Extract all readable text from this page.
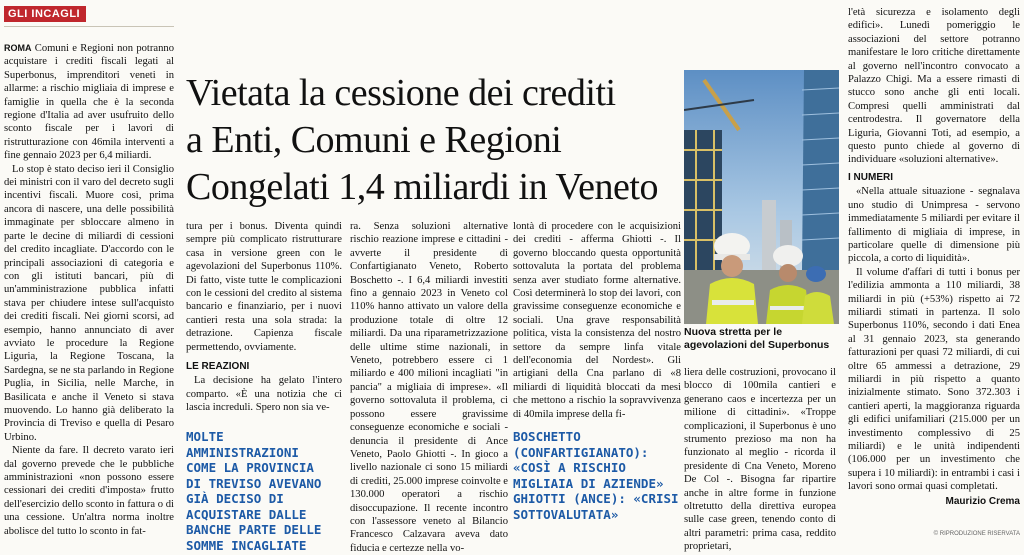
GLI INCAGLI

ROMA Comuni e Regioni non potranno acquistare i crediti fiscali legati al Superbonus, imprenditori veneti in allarme: a rischio migliaia di imprese e famiglie in quella che è la seconda regione d'Italia ad aver usufruito dello sconto fiscale per i lavori di ristrutturazione con 46mila interventi a fine gennaio 2023 per 6,4 miliardi.

Lo stop è stato deciso ieri il Consiglio dei ministri con il varo del decreto sugli incentivi fiscali. Muore così, prima ancora di nascere, una delle possibilità immaginate per sbloccare almeno in parte le decine di miliardi di cessioni del credito incagliate. D'accordo con le principali associazioni di categoria e con gli istituti bancari, più di un'amministrazione pubblica infatti stava per chiudere intese sull'acquisto dei crediti fiscali. Nei giorni scorsi, ad esempio, hanno annunciato di aver avviato le procedure la Regione Liguria, la Regione Toscana, la Sardegna, se ne sta parlando in Regione Puglia, in Sicilia, nelle Marche, in Basilicata e anche il Veneto si stava muovendo. Lo hanno già deliberato la Provincia di Treviso e quella di Pesaro Urbino.

Niente da fare. Il decreto varato ieri dal governo prevede che le pubbliche amministrazioni «non possono essere cessionari dei crediti d'imposta» frutto dell'esercizio dello sconto in fattura o di una cessione. Un'altra norma inoltre abolisce del tutto lo sconto in fat-

Vietata la cessione dei crediti
a Enti, Comuni e Regioni
Congelati 1,4 miliardi in Veneto

tura per i bonus. Diventa quindi sempre più complicato ristrutturare casa in versione green con le agevolazioni del Superbonus 110%. Di fatto, viste tutte le complicazioni con le cessioni del credito al sistema bancario e finanziario, per i nuovi cantieri resta una sola strada: la detrazione. Capienza fiscale permettendo, ovviamente.

LE REAZIONI

La decisione ha gelato l'intero comparto. «È una notizia che ci lascia increduli. Spero non sia ve-

MOLTE AMMINISTRAZIONI COME LA PROVINCIA DI TREVISO AVEVANO GIÀ DECISO DI ACQUISTARE DALLE BANCHE PARTE DELLE SOMME INCAGLIATE

ra. Senza soluzioni alternative rischio reazione imprese e cittadini - avverte il presidente di Confartigianato Veneto, Roberto Boschetto -. I 6,4 miliardi investiti fino a gennaio 2023 in Veneto col 110% hanno attivato un valore della produzione totale di oltre 12 miliardi. Da una riparametrizzazione delle ultime stime nazionali, in Veneto, potrebbero essere ci 1 miliardo e 400 milioni incagliati "in pancia" a migliaia di imprese». «Il governo sottovaluta il problema, ci possono essere gravissime conseguenze economiche e sociali - denuncia il presidente di Ance Veneto, Paolo Ghiotti -. In gioco a livello nazionale ci sono 15 miliardi di crediti, 25.000 imprese coinvolte e 130.000 operatori a rischio disoccupazione. Il recente incontro con l'assessore veneto al Bilancio Francesco Calzavara aveva dato fiducia e certezze nella vo-

lontà di procedere con le acquisizioni dei crediti - afferma Ghiotti -. Il governo bloccando questa opportunità sottovaluta la portata del problema senza aver studiato forme alternative. Così determinerà lo stop dei lavori, con gravissime conseguenze economiche e sociali. Una grave responsabilità politica, vista la consistenza del nostro settore da sempre linfa vitale dell'economia del Nordest». Gli artigiani della Cna parlano di «8 miliardi di liquidità bloccati da mesi che mettono a rischio la sopravvivenza di 40mila imprese della fi-

BOSCHETTO (CONFARTIGIANATO): «COSÌ A RISCHIO MIGLIAIA DI AZIENDE» GHIOTTI (ANCE): «CRISI SOTTOVALUTATA»
Nuova stretta per le agevolazioni del Superbonus

liera delle costruzioni, provocano il blocco di 100mila cantieri e generano caos e incertezza per un milione di cittadini». «Troppe complicazioni, il Superbonus è uno strumento prezioso ma non ha funzionato al meglio - ricorda il presidente di Cna Veneto, Moreno De Col -. Bisogna far ripartire anche in altre forme in funzione oltretutto della direttiva europea sulle case green, tenendo conto di altri parametri: prima casa, reddito proprietari,

l'età sicurezza e isolamento degli edifici». Lunedì pomeriggio le associazioni del settore potranno manifestare le loro critiche direttamente al governo nell'incontro convocato a Palazzo Chigi. Ma a essere rimasti di stucco sono anche gli enti locali. Compresi quelli amministrati dal centrodestra. Il governatore della Liguria, Giovanni Toti, ad esempio, a questo punto chiede al governo di individuare «soluzioni alternative».

I NUMERI

«Nella attuale situazione - segnalava uno studio di Unimpresa - servono immediatamente 5 miliardi per evitare il fallimento di migliaia di imprese, in particolare quelle di dimensione più piccola, a corto di liquidità».

Il volume d'affari di tutti i bonus per l'edilizia ammonta a 110 miliardi, 38 miliardi in più (+53%) rispetto ai 72 miliardi stimati in partenza. Il solo Superbonus 110%, secondo i dati Enea al 31 gennaio 2023, sta generando fatturazioni per quasi 72 miliardi, di cui oltre 65 ammessi a detrazione, 29 miliardi in più rispetto a quanto inizialmente stimato. Sono 372.303 i cantieri aperti, la maggioranza riguarda gli edifici unifamiliari (215.000 per un investimento complessivo di 25 miliardi) e le unità indipendenti (106.000 per un investimento che supera i 10 miliardi): in entrambi i casi i lavori sono ormai quasi completati.

Maurizio Crema
© RIPRODUZIONE RISERVATA
